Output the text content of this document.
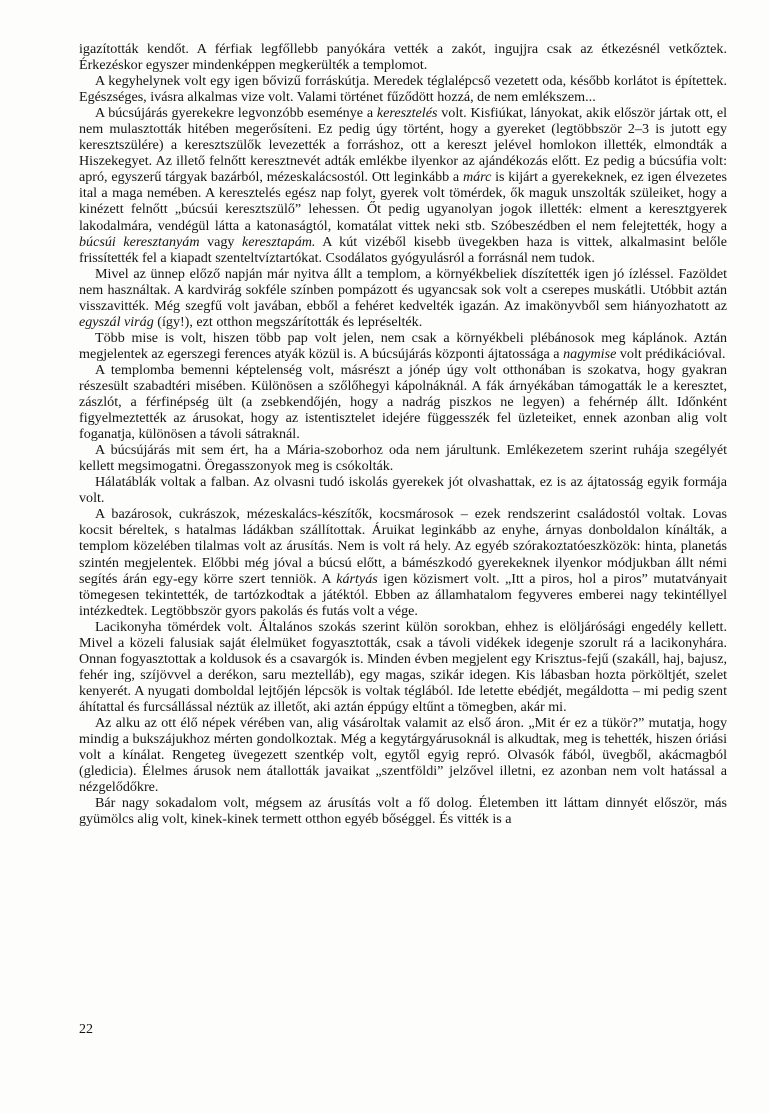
igazították kendőt. A férfiak legfőllebb panyókára vették a zakót, ingujjra csak az étkezésnél vetkőztek. Érkezéskor egyszer mindenképpen megkerülték a templomot.

A kegyhelynek volt egy igen bővizű forráskútja. Meredek téglalépcső vezetett oda, később korlátot is építettek. Egészséges, ivásra alkalmas vize volt. Valami történet fűződött hozzá, de nem emlékszem...

A búcsújárás gyerekekre legvonzóbb eseménye a keresztelés volt. Kisfiúkat, lányokat, akik először jártak ott, el nem mulasztották hitében megerősíteni. Ez pedig úgy történt, hogy a gyereket (legtöbbször 2–3 is jutott egy keresztszülére) a keresztszülők levezették a forráshoz, ott a kereszt jelével homlokon illették, elmondták a Hiszekegyet. Az illető felnőtt keresztnevét adták emlékbe ilyenkor az ajándékozás előtt. Ez pedig a búcsúfia volt: apró, egyszerű tárgyak bazárból, mézeskalácsostól. Ott leginkább a márc is kijárt a gyerekeknek, ez igen élvezetes ital a maga nemében. A keresztelés egész nap folyt, gyerek volt tömérdek, ők maguk unszolták szüleiket, hogy a kinézett felnőtt „búcsúi keresztszülő” lehessen. Őt pedig ugyanolyan jogok illették: elment a keresztgyerek lakodalmára, vendégül látta a katonaságtól, komatálat vittek neki stb. Szóbeszédben el nem felejtették, hogy a búcsúi keresztanyám vagy keresztapám. A kút vizéből kisebb üvegekben haza is vittek, alkalmasint belőle frissítették fel a kiapadt szenteltvíztartókat. Csodálatos gyógyulásról a forrásnál nem tudok.

Mivel az ünnep előző napján már nyitva állt a templom, a környékbeliek díszítették igen jó ízléssel. Fazöldet nem használtak. A kardvirág sokféle színben pompázott és ugyancsak sok volt a cserepes muskátli. Utóbbit aztán visszavitték. Még szegfű volt javában, ebből a fehéret kedvelték igazán. Az imakönyvből sem hiányozhatott az egyszál virág (így!), ezt otthon megszárították és lepréselték.

Több mise is volt, hiszen több pap volt jelen, nem csak a környékbeli plébánosok meg káplánok. Aztán megjelentek az egerszegi ferences atyák közül is. A búcsújárás központi ájtatossága a nagymise volt prédikációval.

A templomba bemenni képtelenség volt, másrészt a jónép úgy volt otthonában is szokatva, hogy gyakran részesült szabadtéri misében. Különösen a szőlőhegyi kápolnáknál. A fák árnyékában támogatták le a keresztet, zászlót, a férfinépség ült (a zsebkendőjén, hogy a nadrág piszkos ne legyen) a fehérnép állt. Időnként figyelmeztették az árusokat, hogy az istentisztelet idejére függesszék fel üzleteiket, ennek azonban alig volt foganatja, különösen a távoli sátraknál.

A búcsújárás mit sem ért, ha a Mária-szoborhoz oda nem járultunk. Emlékezetem szerint ruhája szegélyét kellett megsimogatni. Öregasszonyok meg is csókolták.

Hálatáblák voltak a falban. Az olvasni tudó iskolás gyerekek jót olvashattak, ez is az ájtatosság egyik formája volt.

A bazárosok, cukrászok, mézeskalács-készítők, kocsmárosok – ezek rendszerint családostól voltak. Lovas kocsit béreltek, s hatalmas ládákban szállítottak. Áruikat leginkább az enyhe, árnyas donboldalon kínálták, a templom közelében tilalmas volt az árusítás. Nem is volt rá hely. Az egyéb szórakoztatóeszközök: hinta, planetás szintén megjelentek. Előbbi még jóval a búcsú előtt, a bámészkodó gyerekeknek ilyenkor módjukban állt némi segítés árán egy-egy körre szert tenniök. A kártyás igen közismert volt. „Itt a piros, hol a piros” mutatványait tömegesen tekintették, de tartózkodtak a játéktól. Ebben az államhatalom fegyveres emberei nagy tekintéllyel intézkedtek. Legtöbbször gyors pakolás és futás volt a vége.

Lacikonyha tömérdek volt. Általános szokás szerint külön sorokban, ehhez is elöljárósági engedély kellett. Mivel a közeli falusiak saját élelmüket fogyasztották, csak a távoli vidékek idegenje szorult rá a lacikonyhára. Onnan fogyasztottak a koldusok és a csavargók is. Minden évben megjelent egy Krisztus-fejű (szakáll, haj, bajusz, fehér ing, szíjövvel a derékon, saru meztelláb), egy magas, szikár idegen. Kis lábasban hozta pörköltjét, szelet kenyerét. A nyugati domboldal lejtőjén lépcsök is voltak téglából. Ide letette ebédjét, megáldotta – mi pedig szent áhítattal és furcsállással néztük az illetőt, aki aztán éppúgy eltűnt a tömegben, akár mi.

Az alku az ott élő népek vérében van, alig vásároltak valamit az első áron. „Mit ér ez a tükör?” mutatja, hogy mindig a bukszájukhoz mérten gondolkoztak. Még a kegytárgyárusoknál is alkudtak, meg is tehették, hiszen óriási volt a kínálat. Rengeteg üvegezett szentkép volt, egytől egyig repró. Olvasók fából, üvegből, akácmagból (gledicia). Élelmes árusok nem átallották javaikat „szentföldi” jelzővel illetni, ez azonban nem volt hatással a nézgelődőkre.

Bár nagy sokadalom volt, mégsem az árusítás volt a fő dolog. Életemben itt láttam dinnyét először, más gyümölcs alig volt, kinek-kinek termett otthon egyéb bőséggel. És vitték is a

22
